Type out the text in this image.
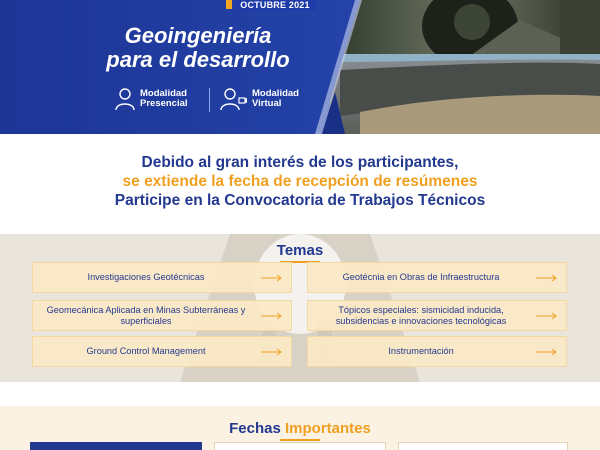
OCTUBRE 2021
Geoingeniería
para el desarrollo
Modalidad
Presencial
Modalidad
Virtual
Debido al gran interés de los participantes,
se extiende la fecha de recepción de resúmenes
Participe en la Convocatoria de Trabajos Técnicos
Temas
Investigaciones Geotécnicas	Geotécnia en Obras de Infraestructura
Geomecánica Aplicada en Minas Subterráneas y superficiales
Tópicos especiales: sismicidad inducida, subsidencias e innovaciones tecnológicas
Ground Control Management	Instrumentación
Fechas Importantes
